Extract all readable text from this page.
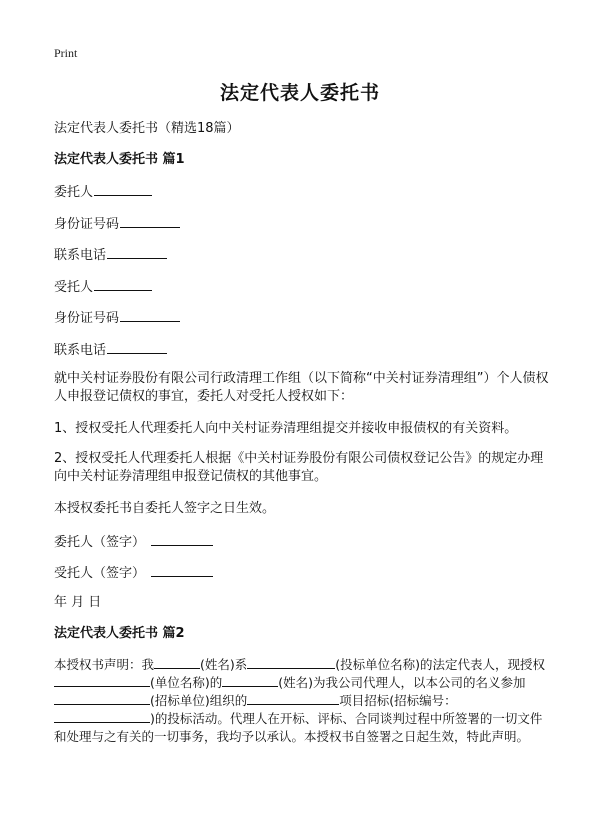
Print
法定代表人委托书
法定代表人委托书（精选18篇）
法定代表人委托书 篇1
委托人
身份证号码
联系电话
受托人
身份证号码
联系电话
就中关村证券股份有限公司行政清理工作组（以下简称“中关村证券清理组”）个人债权人申报登记债权的事宜，委托人对受托人授权如下：
1、授权受托人代理委托人向中关村证券清理组提交并接收申报债权的有关资料。
2、授权受托人代理委托人根据《中关村证券股份有限公司债权登记公告》的规定办理向中关村证券清理组申报登记债权的其他事宜。
本授权委托书自委托人签字之日生效。
委托人（签字）
受托人（签字）
年 月 日
法定代表人委托书 篇2
本授权书声明：我	(姓名)系	(投标单位名称)的法定代表人，现授权(单位名称)的	(姓名)为我公司代理人，以本公司的名义参加(招标单位)组织的	项目招标(招标编号：)的投标活动。代理人在开标、评标、合同谈判过程中所签署的一切文件和处理与之有关的一切事务，我均予以承认。本授权书自签署之日起生效，特此声明。
